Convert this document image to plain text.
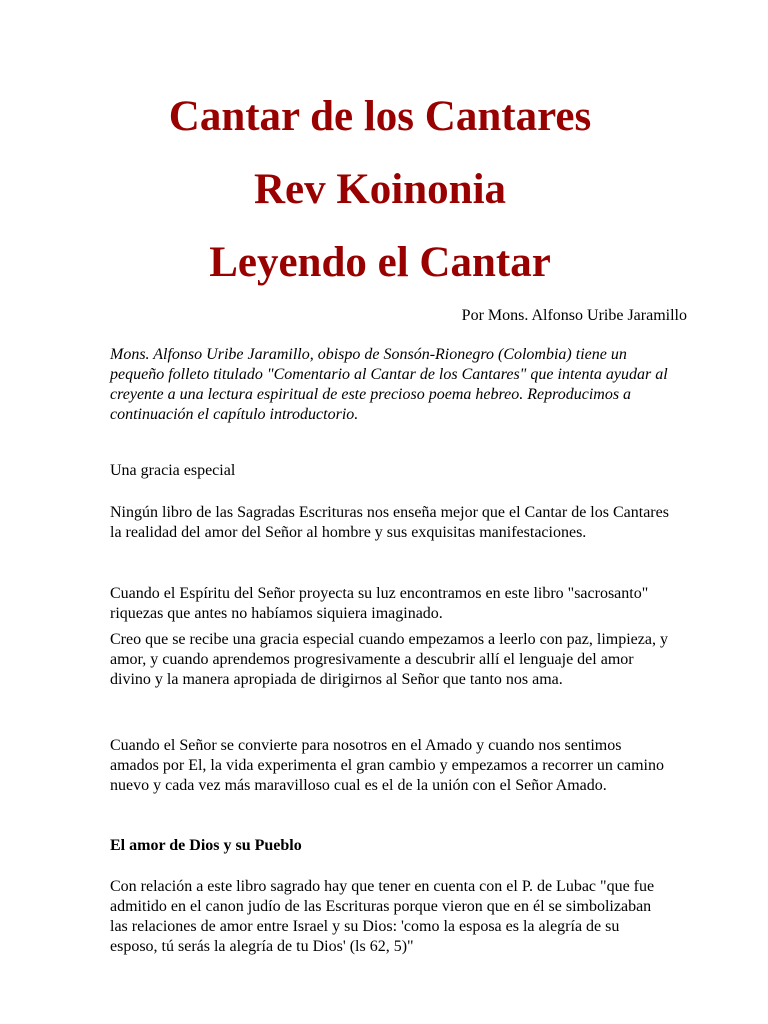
Cantar de los Cantares
Rev Koinonia
Leyendo el Cantar
Por Mons. Alfonso Uribe Jaramillo

Mons. Alfonso Uribe Jaramillo, obispo de Sonsón-Rionegro (Colombia) tiene un pequeño folleto titulado "Comentario al Cantar de los Cantares" que intenta ayudar al creyente a una lectura espiritual de este precioso poema hebreo. Reproducimos a continuación el capítulo introductorio.

Una gracia especial

Ningún libro de las Sagradas Escrituras nos enseña mejor que el Cantar de los Cantares la realidad del amor del Señor al hombre y sus exquisitas manifestaciones.

Cuando el Espíritu del Señor proyecta su luz encontramos en este libro "sacrosanto" riquezas que antes no habíamos siquiera imaginado.

Creo que se recibe una gracia especial cuando empezamos a leerlo con paz, limpieza, y amor, y cuando aprendemos progresivamente a descubrir allí el lenguaje del amor divino y la manera apropiada de dirigirnos al Señor que tanto nos ama.

Cuando el Señor se convierte para nosotros en el Amado y cuando nos sentimos amados por El, la vida experimenta el gran cambio y empezamos a recorrer un camino nuevo y cada vez más maravilloso cual es el de la unión con el Señor Amado.

El amor de Dios y su Pueblo

Con relación a este libro sagrado hay que tener en cuenta con el P. de Lubac "que fue admitido en el canon judío de las Escrituras porque vieron que en él se simbolizaban las relaciones de amor entre Israel y su Dios: 'como la esposa es la alegría de su esposo, tú serás la alegría de tu Dios' (ls 62, 5)"
